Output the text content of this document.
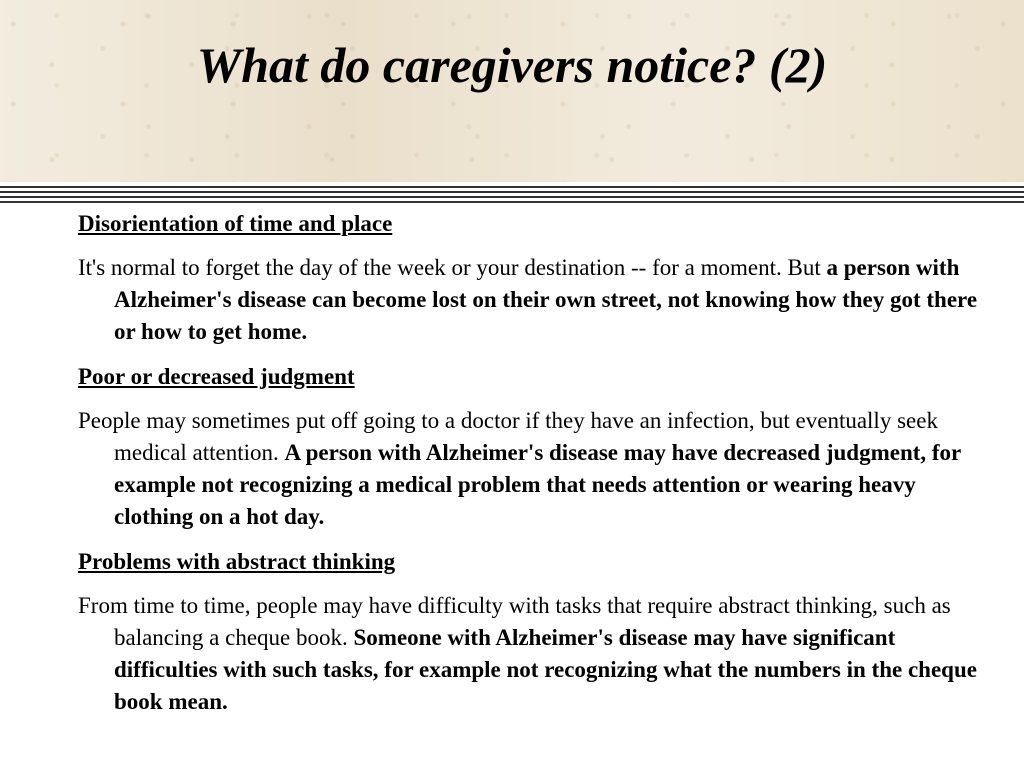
What do caregivers notice? (2)

Disorientation of time and place

It's normal to forget the day of the week or your destination -- for a moment. But a person with Alzheimer's disease can become lost on their own street, not knowing how they got there or how to get home.

Poor or decreased judgment

People may sometimes put off going to a doctor if they have an infection, but eventually seek medical attention. A person with Alzheimer's disease may have decreased judgment, for example not recognizing a medical problem that needs attention or wearing heavy clothing on a hot day.

Problems with abstract thinking

From time to time, people may have difficulty with tasks that require abstract thinking, such as balancing a cheque book. Someone with Alzheimer's disease may have significant difficulties with such tasks, for example not recognizing what the numbers in the cheque book mean.
